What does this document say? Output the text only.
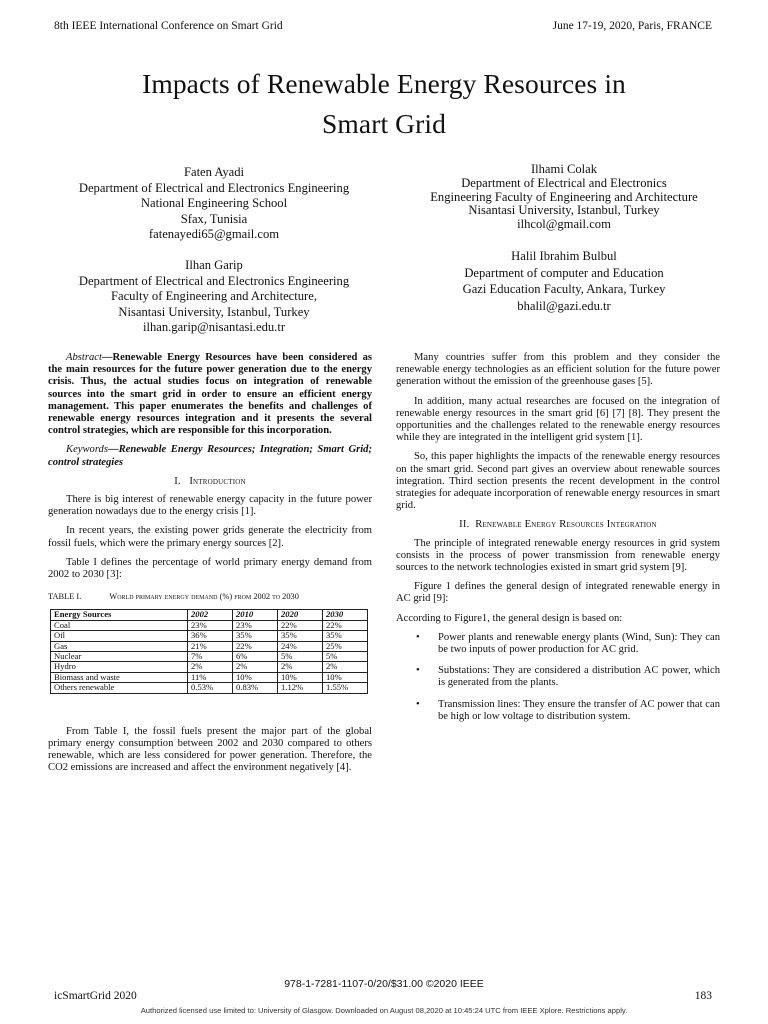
8th IEEE International Conference on Smart Grid	June 17-19, 2020, Paris, FRANCE
Impacts of Renewable Energy Resources in
Smart Grid
Faten Ayadi
Department of Electrical and Electronics Engineering
National Engineering School
Sfax, Tunisia
fatenayedi65@gmail.com
Ilhan Garip
Department of Electrical and Electronics Engineering
Faculty of Engineering and Architecture,
Nisantasi University, Istanbul, Turkey
ilhan.garip@nisantasi.edu.tr
Ilhami Colak
Department of Electrical and Electronics
Engineering Faculty of Engineering and Architecture
Nisantasi University, Istanbul, Turkey
ilhcol@gmail.com
Halil Ibrahim Bulbul
Department of computer and Education
Gazi Education Faculty, Ankara, Turkey
bhalil@gazi.edu.tr

Abstract—Renewable Energy Resources have been considered as the main resources for the future power generation due to the energy crisis. Thus, the actual studies focus on integration of renewable sources into the smart grid in order to ensure an efficient energy management. This paper enumerates the benefits and challenges of renewable energy resources integration and it presents the several control strategies, which are responsible for this incorporation.

Keywords—Renewable Energy Resources; Integration; Smart Grid; control strategies

I. Introduction

There is big interest of renewable energy capacity in the future power generation nowadays due to the energy crisis [1].

In recent years, the existing power grids generate the electricity from fossil fuels, which were the primary energy sources [2].

Table I defines the percentage of world primary energy demand from 2002 to 2030 [3]:

TABLE I.	World primary energy demand (%) from 2002 to 2030
Energy Sources	2002	2010	2020	2030
Coal	23%	23%	22%	22%
Oil	36%	35%	35%	35%
Gas	21%	22%	24%	25%
Nuclear	7%	6%	5%	5%
Hydro	2%	2%	2%	2%
Biomass and waste	11%	10%	10%	10%
Others renewable	0.53%	0.83%	1.12%	1.55%

From Table I, the fossil fuels present the major part of the global primary energy consumption between 2002 and 2030 compared to others renewable, which are less considered for power generation. Therefore, the CO2 emissions are increased and affect the environment negatively [4].

Many countries suffer from this problem and they consider the renewable energy technologies as an efficient solution for the future power generation without the emission of the greenhouse gases [5].

In addition, many actual researches are focused on the integration of renewable energy resources in the smart grid [6] [7] [8]. They present the opportunities and the challenges related to the renewable energy resources while they are integrated in the intelligent grid system [1].

So, this paper highlights the impacts of the renewable energy resources on the smart grid. Second part gives an overview about renewable sources integration. Third section presents the recent development in the control strategies for adequate incorporation of renewable energy resources in smart grid.

II. Renewable Energy Resources Integration

The principle of integrated renewable energy resources in grid system consists in the process of power transmission from renewable energy sources to the network technologies existed in smart grid system [9].

Figure 1 defines the general design of integrated renewable energy in AC grid [9]:

According to Figure1, the general design is based on:

• Power plants and renewable energy plants (Wind, Sun): They can be two inputs of power production for AC grid.
• Substations: They are considered a distribution AC power, which is generated from the plants.
• Transmission lines: They ensure the transfer of AC power that can be high or low voltage to distribution system.
978-1-7281-1107-0/20/$31.00 ©2020 IEEE
icSmartGrid 2020	183
Authorized licensed use limited to: University of Glasgow. Downloaded on August 08,2020 at 10:45:24 UTC from IEEE Xplore. Restrictions apply.
